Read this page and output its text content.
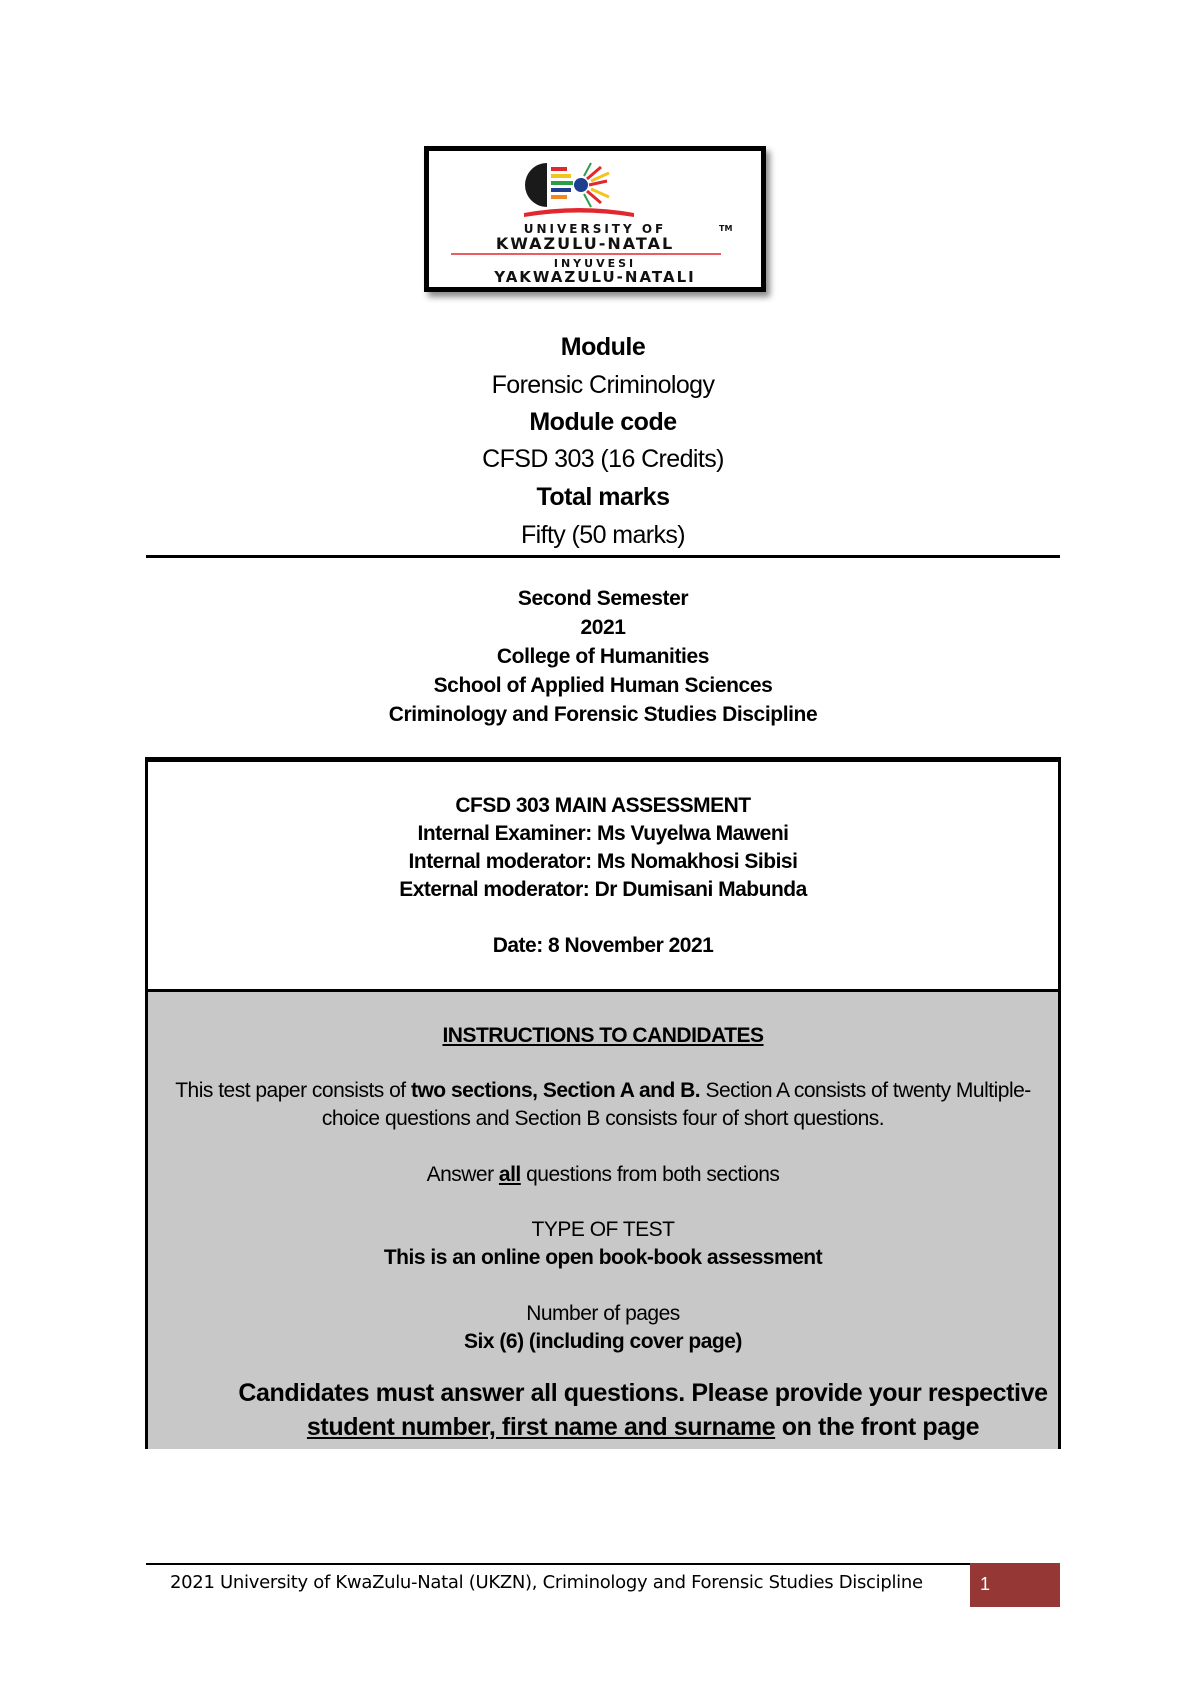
UNIVERSITY OF
KWAZULU-NATAL
TM
INYUVESI
YAKWAZULU-NATALI
Module
Forensic Criminology
Module code
CFSD 303 (16 Credits)
Total marks
Fifty (50 marks)
Second Semester
2021
College of Humanities
School of Applied Human Sciences
Criminology and Forensic Studies Discipline
CFSD 303 MAIN ASSESSMENT
Internal Examiner: Ms Vuyelwa Maweni
Internal moderator: Ms Nomakhosi Sibisi
External moderator: Dr Dumisani Mabunda
Date: 8 November 2021
INSTRUCTIONS TO CANDIDATES
This test paper consists of two sections, Section A and B. Section A consists of twenty Multiple-
choice questions and Section B consists four of short questions.
Answer all questions from both sections
TYPE OF TEST
This is an online open book-book assessment
Number of pages
Six (6) (including cover page)
Candidates must answer all questions. Please provide your respective
student number, first name and surname on the front page
2021 University of KwaZulu-Natal (UKZN), Criminology and Forensic Studies Discipline	1
